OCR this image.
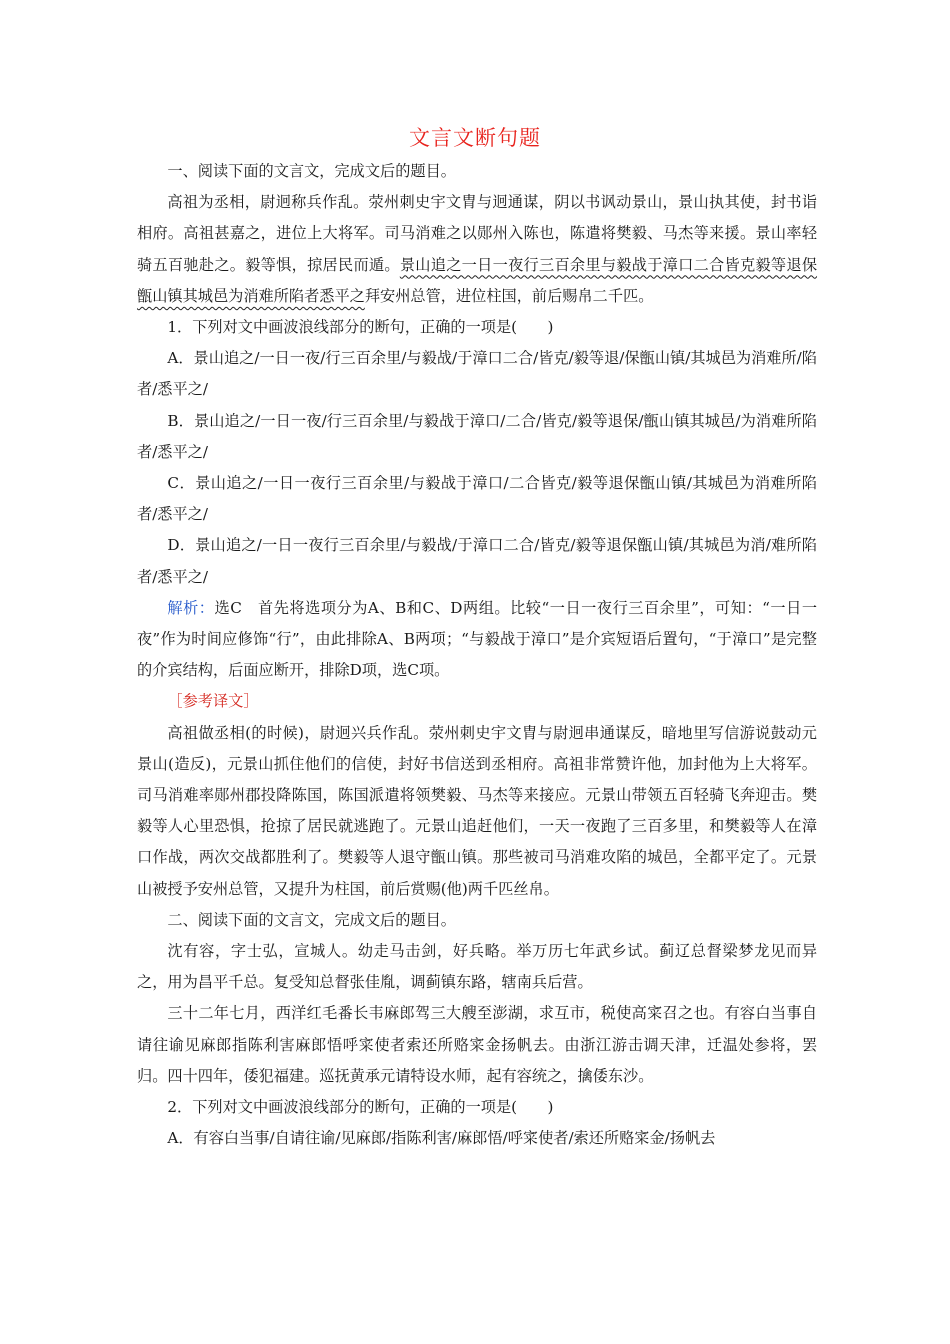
文言文断句题

一、阅读下面的文言文，完成文后的题目。

高祖为丞相，尉迥称兵作乱。荥州刺史宇文胄与迥通谋，阴以书讽动景山，景山执其使，封书诣相府。高祖甚嘉之，进位上大将军。司马消难之以郧州入陈也，陈遣将樊毅、马杰等来援。景山率轻骑五百驰赴之。毅等惧，掠居民而遁。景山追之一日一夜行三百余里与毅战于漳口二合皆克毅等退保甑山镇其城邑为消难所陷者悉平之拜安州总管，进位柱国，前后赐帛二千匹。

1．下列对文中画波浪线部分的断句，正确的一项是(　　)

A．景山追之/一日一夜/行三百余里/与毅战/于漳口二合/皆克/毅等退/保甑山镇/其城邑为消难所/陷者/悉平之/

B．景山追之/一日一夜/行三百余里/与毅战于漳口/二合/皆克/毅等退保/甑山镇其城邑/为消难所陷者/悉平之/

C．景山追之/一日一夜行三百余里/与毅战于漳口/二合皆克/毅等退保甑山镇/其城邑为消难所陷者/悉平之/

D．景山追之/一日一夜行三百余里/与毅战/于漳口二合/皆克/毅等退保甑山镇/其城邑为消/难所陷者/悉平之/

解析：选C　首先将选项分为A、B和C、D两组。比较“一日一夜行三百余里”，可知：“一日一夜”作为时间应修饰“行”，由此排除A、B两项；“与毅战于漳口”是介宾短语后置句，“于漳口”是完整的介宾结构，后面应断开，排除D项，选C项。

［参考译文］

高祖做丞相(的时候)，尉迥兴兵作乱。荥州刺史宇文胄与尉迥串通谋反，暗地里写信游说鼓动元景山(造反)，元景山抓住他们的信使，封好书信送到丞相府。高祖非常赞许他，加封他为上大将军。司马消难率郧州郡投降陈国，陈国派遣将领樊毅、马杰等来接应。元景山带领五百轻骑飞奔迎击。樊毅等人心里恐惧，抢掠了居民就逃跑了。元景山追赶他们，一天一夜跑了三百多里，和樊毅等人在漳口作战，两次交战都胜利了。樊毅等人退守甑山镇。那些被司马消难攻陷的城邑，全都平定了。元景山被授予安州总管，又提升为柱国，前后赏赐(他)两千匹丝帛。

二、阅读下面的文言文，完成文后的题目。

沈有容，字士弘，宣城人。幼走马击剑，好兵略。举万历七年武乡试。蓟辽总督梁梦龙见而异之，用为昌平千总。复受知总督张佳胤，调蓟镇东路，辖南兵后营。

三十二年七月，西洋红毛番长韦麻郎驾三大艘至澎湖，求互市，税使高寀召之也。有容白当事自请往谕见麻郎指陈利害麻郎悟呼寀使者索还所赂寀金扬帆去。由浙江游击调天津，迁温处参将，罢归。四十四年，倭犯福建。巡抚黄承元请特设水师，起有容统之，擒倭东沙。

2．下列对文中画波浪线部分的断句，正确的一项是(　　)

A．有容白当事/自请往谕/见麻郎/指陈利害/麻郎悟/呼寀使者/索还所赂寀金/扬帆去
